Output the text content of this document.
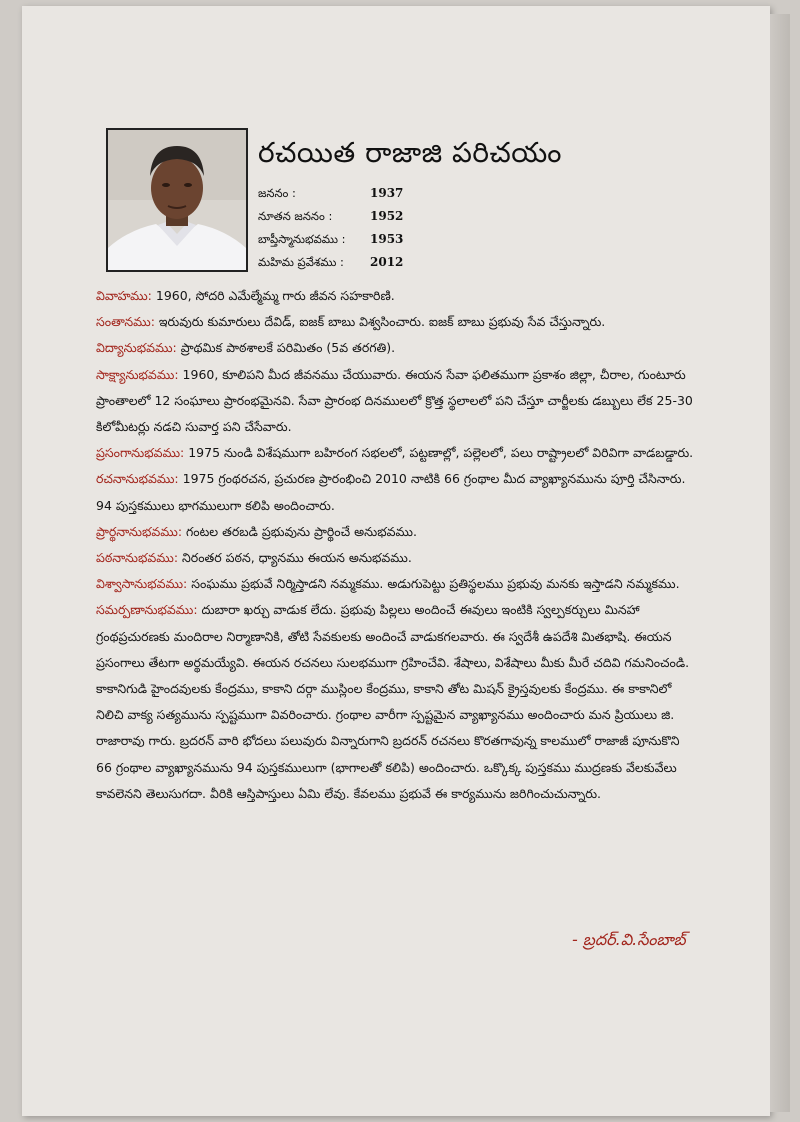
రచయిత రాజాజి పరిచయం
జననం :	1937
నూతన జననం :	1952
బాప్తీస్మానుభవము : 1953
మహిమ ప్రవేశము : 2012

వివాహము: 1960, సోదరి ఎమేల్మేమ్మ గారు జీవన సహకారిణి.

సంతానము: ఇరువురు కుమారులు దేవిడ్, ఐజక్ బాబు విశ్వసించారు. ఐజక్ బాబు ప్రభువు సేవ చేస్తున్నారు.

విద్యానుభవము: ప్రాథమిక పాఠశాలకే పరిమితం (5వ తరగతి).

సాక్ష్యానుభవము: 1960, కూలిపని మీద జీవనము చేయువారు. ఈయన సేవా ఫలితముగా ప్రకాశం జిల్లా, చీరాల, గుంటూరు ప్రాంతాలలో 12 సంఘాలు ప్రారంభమైనవి. సేవా ప్రారంభ దినములలో క్రొత్త స్థలాలలో పని చేస్తూ చార్జీలకు డబ్బులు లేక 25-30 కిలోమీటర్లు నడచి సువార్త పని చేసేవారు.

ప్రసంగానుభవము: 1975 నుండి విశేషముగా బహిరంగ సభలలో, పట్టణాల్లో, పల్లెలలో, పలు రాష్ట్రాలలో విరివిగా వాడబడ్డారు.

రచనానుభవము: 1975 గ్రంథరచన, ప్రచురణ ప్రారంభించి 2010 నాటికి 66 గ్రంథాల మీద వ్యాఖ్యానమును పూర్తి చేసినారు. 94 పుస్తకములు భాగములుగా కలిపి అందించారు.

ప్రార్థనానుభవము: గంటల తరబడి ప్రభువును ప్రార్థించే అనుభవము.

పఠనానుభవము: నిరంతర పఠన, ధ్యానము ఈయన అనుభవము.

విశ్వాసానుభవము: సంఘము ప్రభువే నిర్మిస్తాడని నమ్మకము. అడుగుపెట్టు ప్రతిస్థలము ప్రభువు మనకు ఇస్తాడని నమ్మకము.

సమర్పణానుభవము: దుబారా ఖర్చు వాడుక లేదు. ప్రభువు పిల్లలు అందించే ఈవులు ఇంటికి స్వల్పకర్చులు మినహా గ్రంథప్రచురణకు మందిరాల నిర్మాణానికి, తోటి సేవకులకు అందించే వాడుకగలవారు. ఈ స్వదేశీ ఉపదేశి మితభాషి. ఈయన ప్రసంగాలు తేటగా అర్థమయ్యేవి. ఈయన రచనలు సులభముగా గ్రహించేవి. శేషాలు, విశేషాలు మీకు మీరే చదివి గమనించండి. కాకానిగుడి హైందవులకు కేంద్రము, కాకాని దర్గా ముస్లింల కేంద్రము, కాకాని తోట మిషన్ క్రైస్తవులకు కేంద్రము. ఈ కాకానిలో నిలిచి వాక్య సత్యమును స్పష్టముగా వివరించారు. గ్రంథాల వారీగా స్పష్టమైన వ్యాఖ్యానము అందించారు మన ప్రియులు జి. రాజారావు గారు. బ్రదరన్ వారి భోదలు పలువురు విన్నారుగాని బ్రదరన్ రచనలు కొరతగావున్న కాలములో రాజాజీ పూనుకొని 66 గ్రంథాల వ్యాఖ్యానమును 94 పుస్తకములుగా (భాగాలతో కలిపి) అందించారు. ఒక్కొక్క పుస్తకము ముద్రణకు వేలకువేలు కావలెనని తెలుసుగదా. వీరికి ఆస్తిపాస్తులు ఏమి లేవు. కేవలము ప్రభువే ఈ కార్యమును జరిగించుచున్నారు.

- బ్రదర్.వి.సేంబాబ్
